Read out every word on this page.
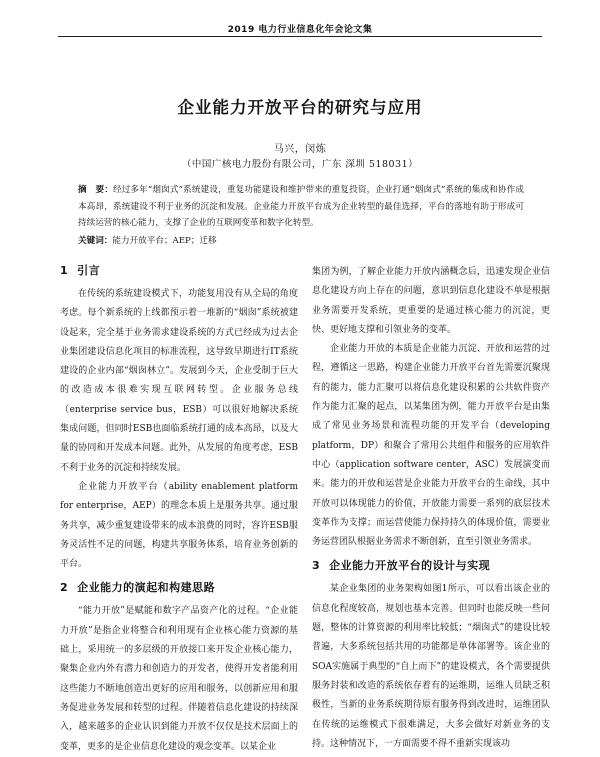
2019 电力行业信息化年会论文集
企业能力开放平台的研究与应用
马兴，闵炼
（中国广核电力股份有限公司，广东 深圳 518031）
摘　要：经过多年“烟囱式”系统建设，重复功能建设和维护带来的重复投资，企业打通“烟囱式”系统的集成和协作成本高昂，系统建设不利于业务的沉淀和发展。企业能力开放平台成为企业转型的最佳选择，平台的落地有助于形成可持续运营的核心能力，支撑了企业的互联网变革和数字化转型。
关键词：能力开放平台；AEP；迁移
1 引言

在传统的系统建设模式下，功能复用没有从全局的角度考虑。每个新系统的上线都预示着一堆新的“烟囱”系统被建设起来，完全基于业务需求建设系统的方式已经成为过去企业集团建设信息化项目的标准流程，这导致早期进行IT系统建设的企业内部“烟囱林立”。发展到今天，企业受制于巨大的改造成本很难实现互联网转型。企业服务总线（enterprise service bus，ESB）可以很好地解决系统集成问题，但同时ESB也面临系统打通的成本高昂，以及大量的协同和开发成本问题。此外，从发展的角度考虑，ESB不利于业务的沉淀和持续发展。

企业能力开放平台（ability enablement platform for enterprise，AEP）的理念本质上是服务共享。通过服务共享，减少重复建设带来的成本浪费的同时，容许ESB服务灵活性不足的问题，构建共享服务体系，培育业务创新的平台。

2 企业能力的演起和构建思路

“能力开放”是赋能和数字产品资产化的过程。“企业能力开放”是指企业将整合和利用现有企业核心能力资源的基础上，采用统一的多层级的开放接口来开发企业核心能力，聚集企业内外有潜力和创造力的开发者，使得开发者能利用这些能力不断地创造出更好的应用和服务，以创新应用和服务促进业务发展和转型的过程。伴随着信息化建设的持续深入，越来越多的企业认识到能力开放不仅仅是技术层面上的变革，更多的是企业信息化建设的观念变革。以某企业

集团为例，了解企业能力开放内涵概念后，迅速发现企业信息化建设方向上存在的问题，意识到信息化建设不单是根据业务需要开发系统，更重要的是通过核心能力的沉淀，更快、更好地支撑和引领业务的变革。

企业能力开放的本质是企业能力沉淀、开放和运营的过程，遵循这一思路，构建企业能力开放平台首先需要沉聚现有的能力，能力汇聚可以将信息化建设积累的公共软件资产作为能力汇聚的起点，以某集团为例，能力开放平台是由集成了常见业务场景和流程功能的开发平台（developing platform，DP）和聚合了常用公共组件和服务的应用软件中心（application software center，ASC）发展演变而来。能力的开放和运营是企业能力开放平台的生命线，其中开放可以体现能力的价值，开放能力需要一系列的底层技术变革作为支撑；而运营使能力保持持久的体现价值，需要业务运营团队根据业务需求不断创新，直至引领业务需求。

3 企业能力开放平台的设计与实现

某企业集团的业务架构如图1所示，可以看出该企业的信息化程度较高，规划也基本完善。但同时也能反映一些问题，整体的计算资源的利用率比较低；“烟囱式”的建设比较普遍，大多系统包括共用的功能都是单体部署等。该企业的SOA实施属于典型的“自上而下”的建设模式，各个需要提供服务封装和改造的系统依存着有的运维期，运维人员缺乏积极性，当新的业务系统期待原有服务得到改进时，运维团队在传统的运维模式下很难满足，大多会做好对新业务的支持。这种情况下，一方面需要不得不重新实现该功
